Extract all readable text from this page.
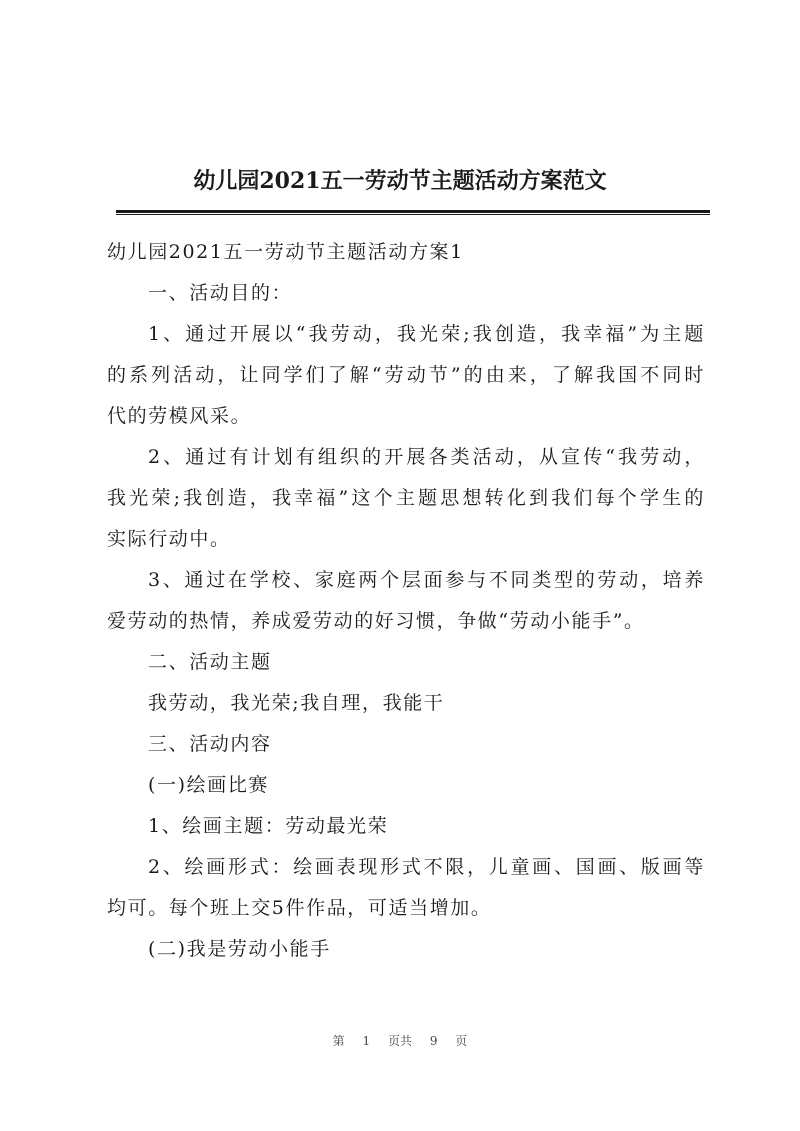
幼儿园2021五一劳动节主题活动方案范文

幼儿园2021五一劳动节主题活动方案1

一、活动目的：

1、通过开展以“我劳动，我光荣;我创造，我幸福”为主题

的系列活动，让同学们了解“劳动节”的由来，了解我国不同时

代的劳模风采。

2、通过有计划有组织的开展各类活动，从宣传“我劳动，

我光荣;我创造，我幸福”这个主题思想转化到我们每个学生的

实际行动中。

3、通过在学校、家庭两个层面参与不同类型的劳动，培养

爱劳动的热情，养成爱劳动的好习惯，争做“劳动小能手”。

二、活动主题

我劳动，我光荣;我自理，我能干

三、活动内容

(一)绘画比赛

1、绘画主题：劳动最光荣

2、绘画形式：绘画表现形式不限，儿童画、国画、版画等

均可。每个班上交5件作品，可适当增加。

(二)我是劳动小能手

第 1 页共 9 页
